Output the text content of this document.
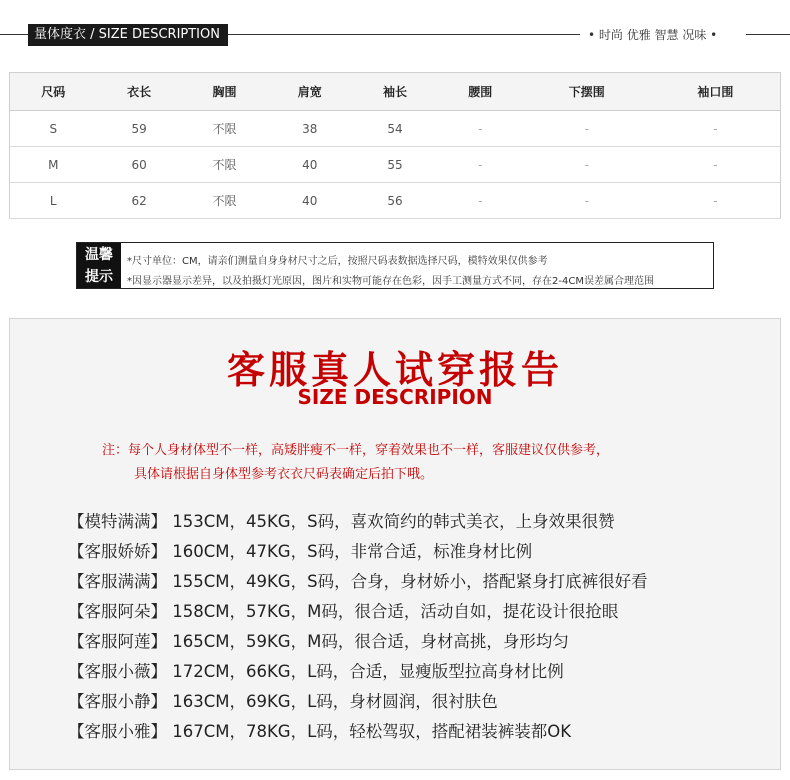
量体度衣 / SIZE DESCRIPTION	• 时尚 优雅 智慧 况味 •
尺码	衣长	胸围	肩宽	袖长	腰围	下摆围	袖口围
S	59	不限	38	54	-	-	-
M	60	不限	40	55	-	-	-
L	62	不限	40	56	-	-	-
温馨
提示
*尺寸单位：CM，请亲们测量自身身材尺寸之后，按照尺码表数据选择尺码，模特效果仅供参考
*因显示器显示差异，以及拍摄灯光原因，图片和实物可能存在色彩，因手工测量方式不同，存在2-4CM误差属合理范围
客服真人试穿报告
SIZE DESCRIPION
注：每个人身材体型不一样，高矮胖瘦不一样，穿着效果也不一样，客服建议仅供参考，
具体请根据自身体型参考衣衣尺码表确定后拍下哦。
【模特满满】 153CM，45KG，S码，喜欢简约的韩式美衣，上身效果很赞
【客服娇娇】 160CM，47KG，S码，非常合适，标准身材比例
【客服满满】 155CM，49KG，S码，合身，身材娇小，搭配紧身打底裤很好看
【客服阿朵】 158CM，57KG，M码，很合适，活动自如，提花设计很抢眼
【客服阿莲】 165CM，59KG，M码，很合适，身材高挑，身形均匀
【客服小薇】 172CM，66KG，L码，合适，显瘦版型拉高身材比例
【客服小静】 163CM，69KG，L码，身材圆润，很衬肤色
【客服小雅】 167CM，78KG，L码，轻松驾驭，搭配裙装裤装都OK
